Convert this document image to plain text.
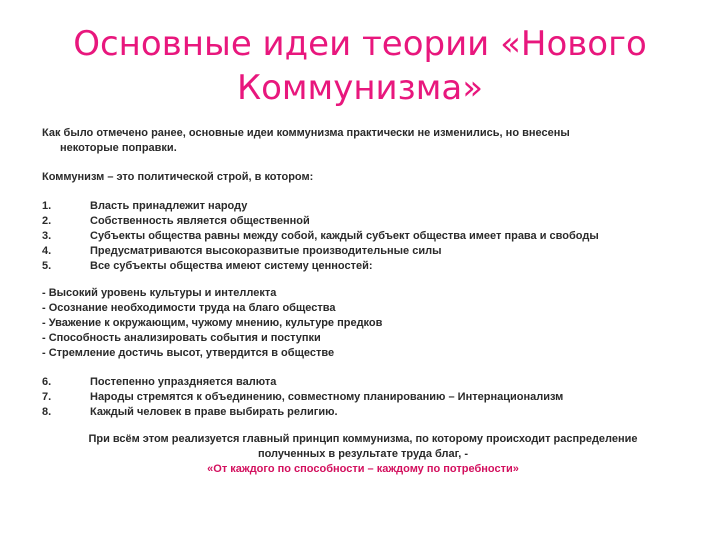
Основные идеи теории «Нового Коммунизма»

Как было отмечено ранее, основные идеи коммунизма практически не изменились, но внесены
некоторые поправки.

Коммунизм – это политической строй, в котором:

1.	Власть принадлежит народу
2.	Собственность является общественной
3.	Субъекты общества равны между собой, каждый субъект общества имеет права и свободы
4.	Предусматриваются высокоразвитые производительные силы
5.	Все субъекты общества имеют систему ценностей:
- Высокий уровень культуры и интеллекта
- Осознание необходимости труда на благо общества
- Уважение к окружающим, чужому мнению, культуре предков
- Способность анализировать события и поступки
- Стремление достичь высот, утвердится в обществе
6.	Постепенно упраздняется валюта
7.	Народы стремятся к объединению, совместному планированию – Интернационализм
8.	Каждый человек в праве выбирать религию.

При всём этом реализуется главный принцип коммунизма, по которому происходит распределение
полученных в результате труда благ, -
«От каждого по способности – каждому по потребности»
